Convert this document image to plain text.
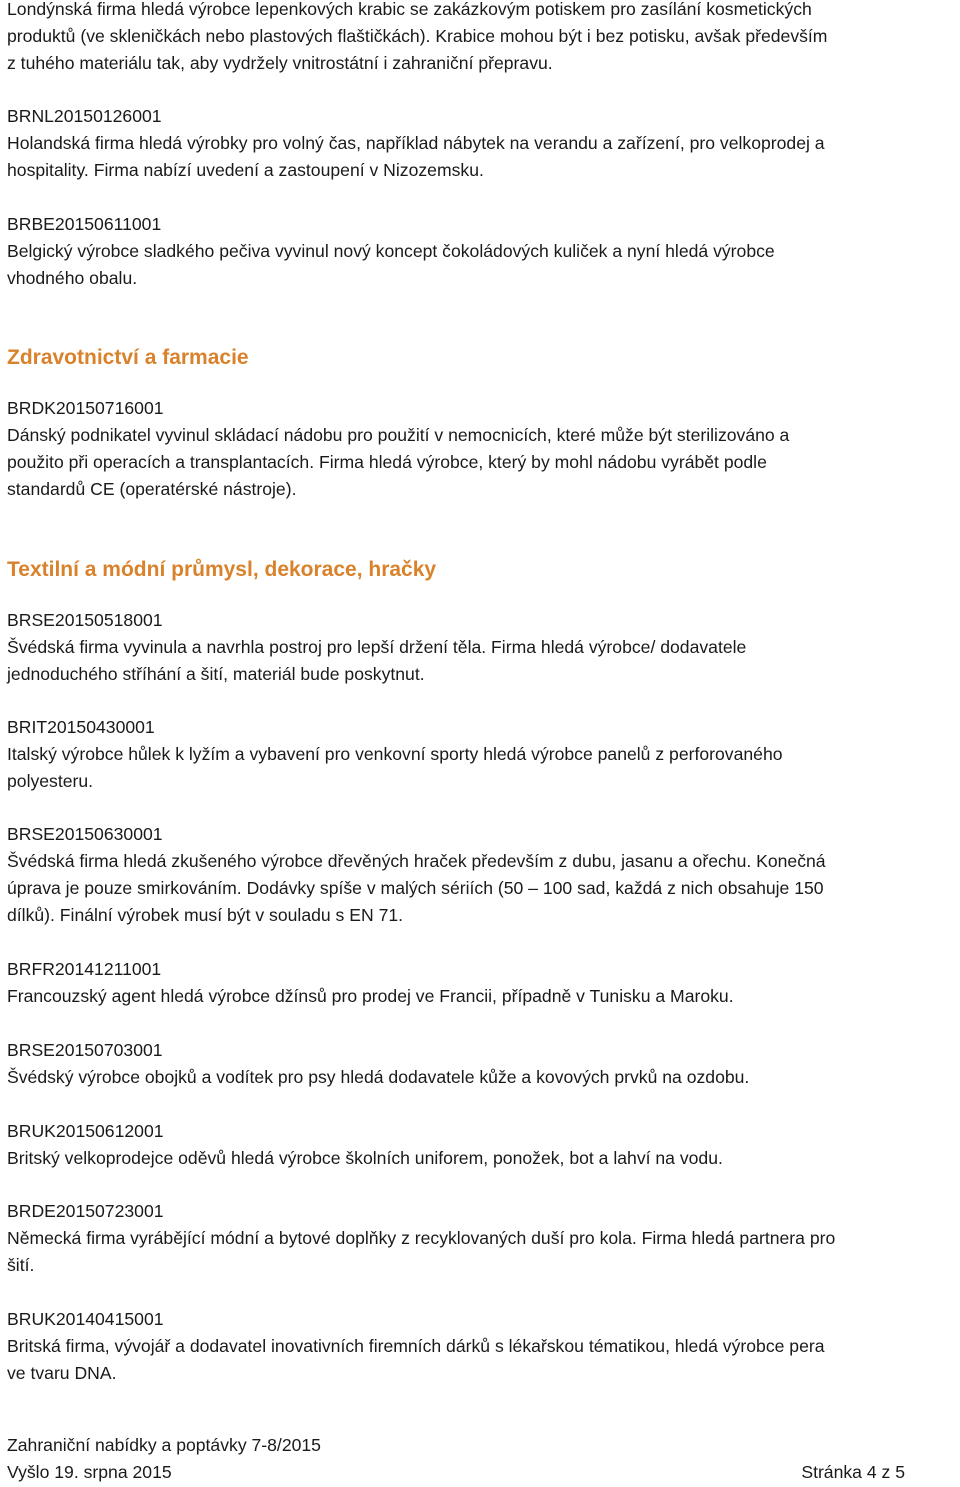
Londýnská firma hledá výrobce lepenkových krabic se zakázkovým potiskem pro zasílání kosmetických
produktů (ve skleničkách nebo plastových flaštičkách). Krabice mohou být i bez potisku, avšak především
z tuhého materiálu tak, aby vydržely vnitrostátní i zahraniční přepravu.
BRNL20150126001
Holandská firma hledá výrobky pro volný čas, například nábytek na verandu a zařízení, pro velkoprodej a
hospitality. Firma nabízí uvedení a zastoupení v Nizozemsku.
BRBE20150611001
Belgický výrobce sladkého pečiva vyvinul nový koncept čokoládových kuliček a nyní hledá výrobce
vhodného obalu.
Zdravotnictví a farmacie
BRDK20150716001
Dánský podnikatel vyvinul skládací nádobu pro použití v nemocnicích, které může být sterilizováno a
použito při operacích a transplantacích. Firma hledá výrobce, který by mohl nádobu vyrábět podle
standardů CE (operatérské nástroje).
Textilní a módní průmysl, dekorace, hračky
BRSE20150518001
Švédská firma vyvinula a navrhla postroj pro lepší držení těla. Firma hledá výrobce/ dodavatele
jednoduchého stříhání a šití, materiál bude poskytnut.
BRIT20150430001
Italský výrobce hůlek k lyžím a vybavení pro venkovní sporty hledá výrobce panelů z perforovaného
polyesteru.
BRSE20150630001
Švédská firma hledá zkušeného výrobce dřevěných hraček především z dubu, jasanu a ořechu. Konečná
úprava je pouze smirkováním. Dodávky spíše v malých sériích (50 – 100 sad, každá z nich obsahuje 150
dílků). Finální výrobek musí být v souladu s EN 71.
BRFR20141211001
Francouzský agent hledá výrobce džínsů pro prodej ve Francii, případně v Tunisku a Maroku.
BRSE20150703001
Švédský výrobce obojků a vodítek pro psy hledá dodavatele kůže a kovových prvků na ozdobu.
BRUK20150612001
Britský velkoprodejce oděvů hledá výrobce školních uniforem, ponožek, bot a lahví na vodu.
BRDE20150723001
Německá firma vyrábějící módní a bytové doplňky z recyklovaných duší pro kola. Firma hledá partnera pro
šití.
BRUK20140415001
Britská firma, vývojář a dodavatel inovativních firemních dárků s lékařskou tématikou, hledá výrobce pera
ve tvaru DNA.
Zahraniční nabídky a poptávky 7-8/2015
Vyšlo 19. srpna 2015	Stránka 4 z 5
